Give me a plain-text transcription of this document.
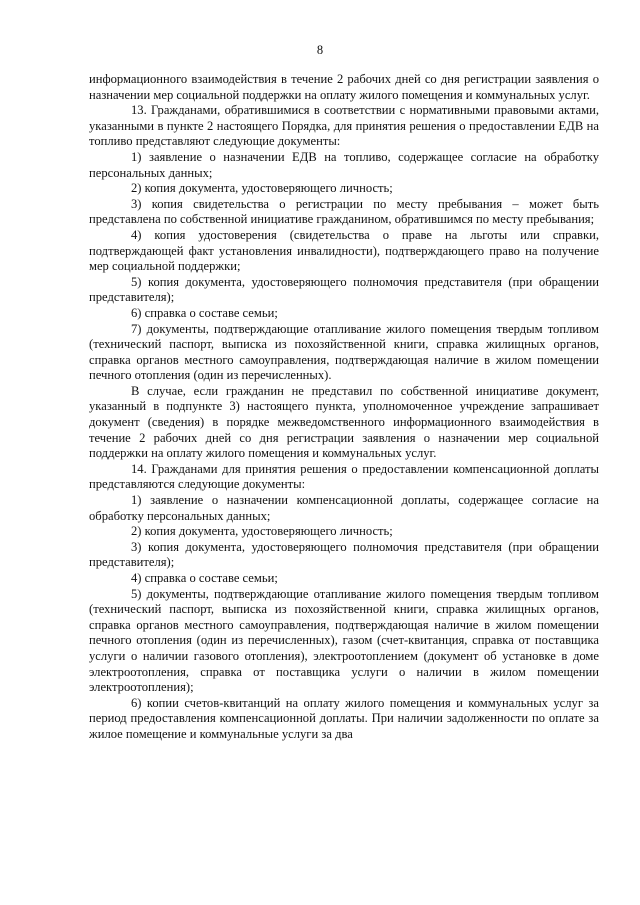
8

информационного взаимодействия в течение 2 рабочих дней со дня регистрации заявления о назначении мер социальной поддержки на оплату жилого помещения и коммунальных услуг.

13. Гражданами, обратившимися в соответствии с нормативными правовыми актами, указанными в пункте 2 настоящего Порядка, для принятия решения о предоставлении ЕДВ на топливо представляют следующие документы:

1) заявление о назначении ЕДВ на топливо, содержащее согласие на обработку персональных данных;

2) копия документа, удостоверяющего личность;

3) копия свидетельства о регистрации по месту пребывания – может быть представлена по собственной инициативе гражданином, обратившимся по месту пребывания;

4) копия удостоверения (свидетельства о праве на льготы или справки, подтверждающей факт установления инвалидности), подтверждающего право на получение мер социальной поддержки;

5) копия документа, удостоверяющего полномочия представителя (при обращении представителя);

6) справка о составе семьи;

7) документы, подтверждающие отапливание жилого помещения твердым топливом (технический паспорт, выписка из похозяйственной книги, справка жилищных органов, справка органов местного самоуправления, подтверждающая наличие в жилом помещении печного отопления (один из перечисленных).

В случае, если гражданин не представил по собственной инициативе документ, указанный в подпункте 3) настоящего пункта, уполномоченное учреждение запрашивает документ (сведения) в порядке межведомственного информационного взаимодействия в течение 2 рабочих дней со дня регистрации заявления о назначении мер социальной поддержки на оплату жилого помещения и коммунальных услуг.

14. Гражданами для принятия решения о предоставлении компенсационной доплаты представляются следующие документы:

1) заявление о назначении компенсационной доплаты, содержащее согласие на обработку персональных данных;

2) копия документа, удостоверяющего личность;

3) копия документа, удостоверяющего полномочия представителя (при обращении представителя);

4) справка о составе семьи;

5) документы, подтверждающие отапливание жилого помещения твердым топливом (технический паспорт, выписка из похозяйственной книги, справка жилищных органов, справка органов местного самоуправления, подтверждающая наличие в жилом помещении печного отопления (один из перечисленных), газом (счет-квитанция, справка от поставщика услуги о наличии газового отопления), электроотоплением (документ об установке в доме электроотопления, справка от поставщика услуги о наличии в жилом помещении электроотопления);

6) копии счетов-квитанций на оплату жилого помещения и коммунальных услуг за период предоставления компенсационной доплаты. При наличии задолженности по оплате за жилое помещение и коммунальные услуги за два
